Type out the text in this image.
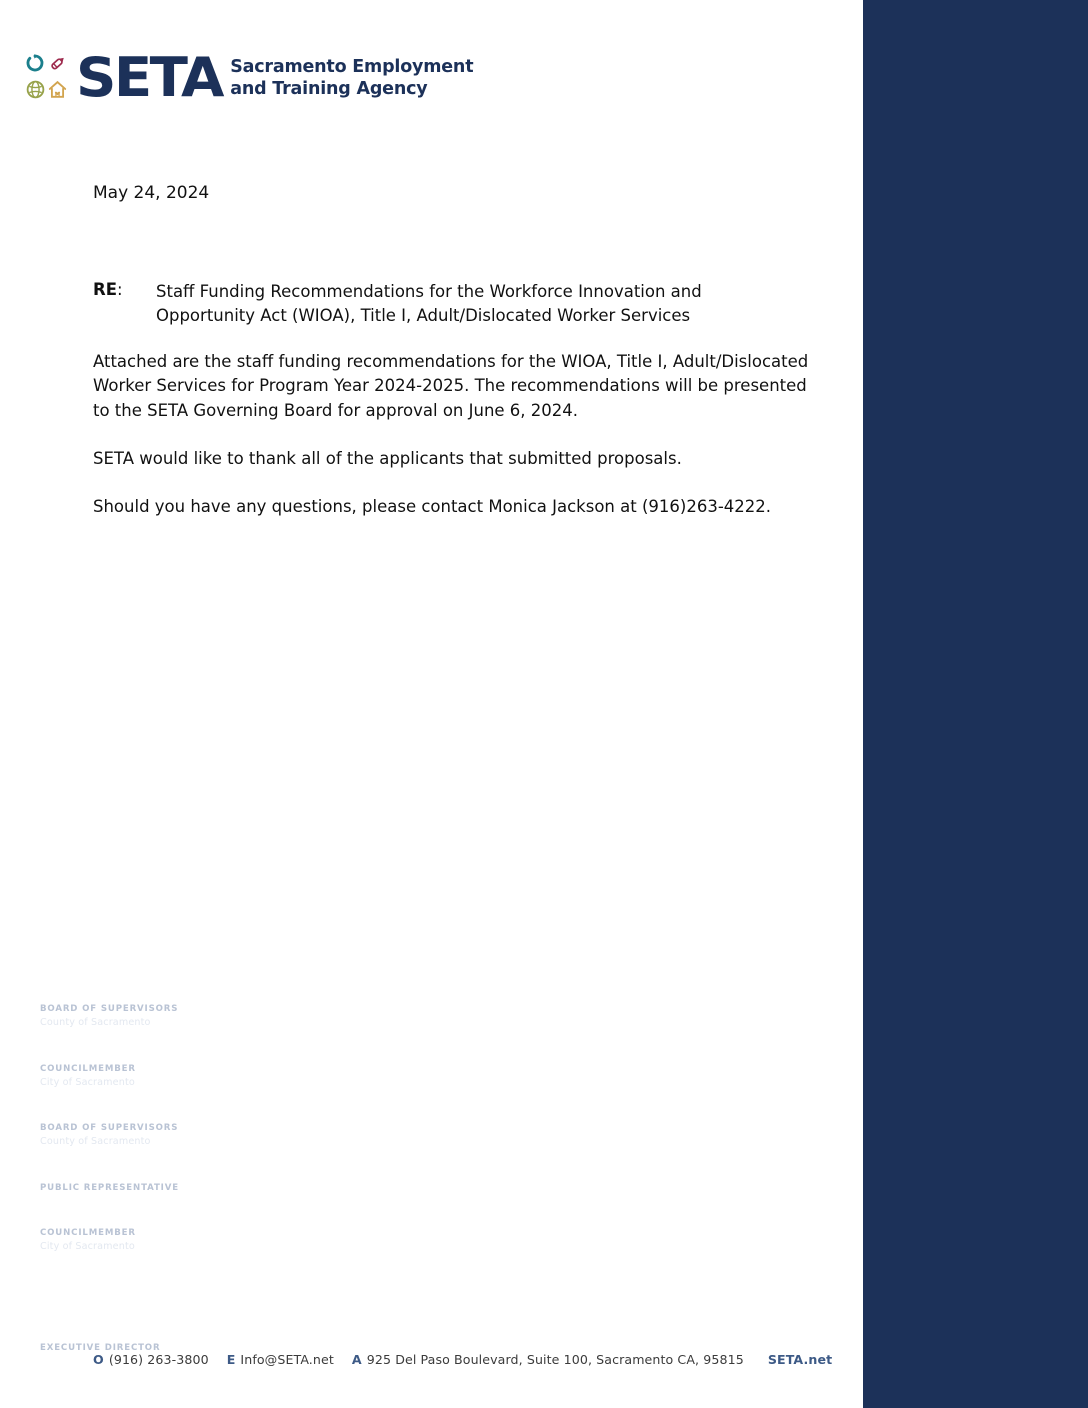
GOVERNING BOARD
Rich Desmond
BOARD OF SUPERVISORS
County of Sacramento
Eric Guerra
COUNCILMEMBER
City of Sacramento
Patrick Kennedy
BOARD OF SUPERVISORS
County of Sacramento
Sophia Scherman
PUBLIC REPRESENTATIVE
Mai Vang
COUNCILMEMBER
City of Sacramento
Anita Maldonado
EXECUTIVE DIRECTOR
SETA Sacramento Employment
and Training Agency
May 24, 2024
RE:	Staff Funding Recommendations for the Workforce Innovation and Opportunity Act (WIOA), Title I, Adult/Dislocated Worker Services

Attached are the staff funding recommendations for the WIOA, Title I, Adult/Dislocated Worker Services for Program Year 2024-2025. The recommendations will be presented to the SETA Governing Board for approval on June 6, 2024.

SETA would like to thank all of the applicants that submitted proposals.

Should you have any questions, please contact Monica Jackson at (916)263-4222.

O (916) 263-3800 E Info@SETA.net A 925 Del Paso Boulevard, Suite 100, Sacramento CA, 95815 SETA.net
